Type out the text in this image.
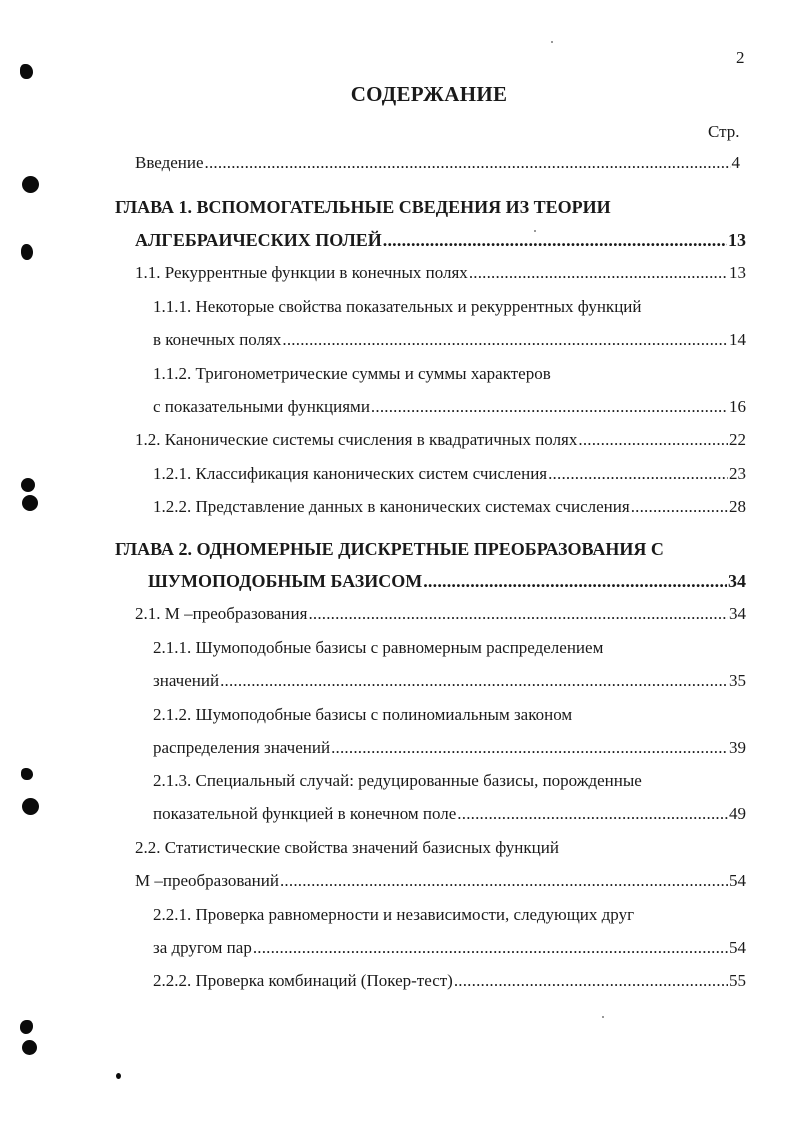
2
СОДЕРЖАНИЕ
Стр.
Введение .....	4
ГЛАВА 1. ВСПОМОГАТЕЛЬНЫЕ СВЕДЕНИЯ ИЗ ТЕОРИИ
АЛГЕБРАИЧЕСКИХ ПОЛЕЙ .....	13
1.1. Рекуррентные функции в конечных полях .....	13
1.1.1. Некоторые свойства показательных и рекуррентных функций
в конечных полях .....	14
1.1.2. Тригонометрические суммы и суммы характеров
с показательными функциями .....	16
1.2. Канонические системы счисления в квадратичных полях .....	22
1.2.1. Классификация канонических систем счисления .....	23
1.2.2. Представление данных в канонических системах счисления .....	28
ГЛАВА 2. ОДНОМЕРНЫЕ ДИСКРЕТНЫЕ ПРЕОБРАЗОВАНИЯ С
ШУМОПОДОБНЫМ БАЗИСОМ .....	34
2.1. М –преобразования .....	34
2.1.1. Шумоподобные базисы с равномерным распределением
значений .....	35
2.1.2. Шумоподобные базисы с полиномиальным законом
распределения значений .....	39
2.1.3. Специальный случай: редуцированные базисы, порожденные
показательной функцией в конечном поле .....	49
2.2. Статистические свойства значений базисных функций
М –преобразований .....	54
2.2.1. Проверка равномерности и независимости, следующих друг
за другом пар .....	54
2.2.2. Проверка комбинаций (Покер-тест) .....	55
